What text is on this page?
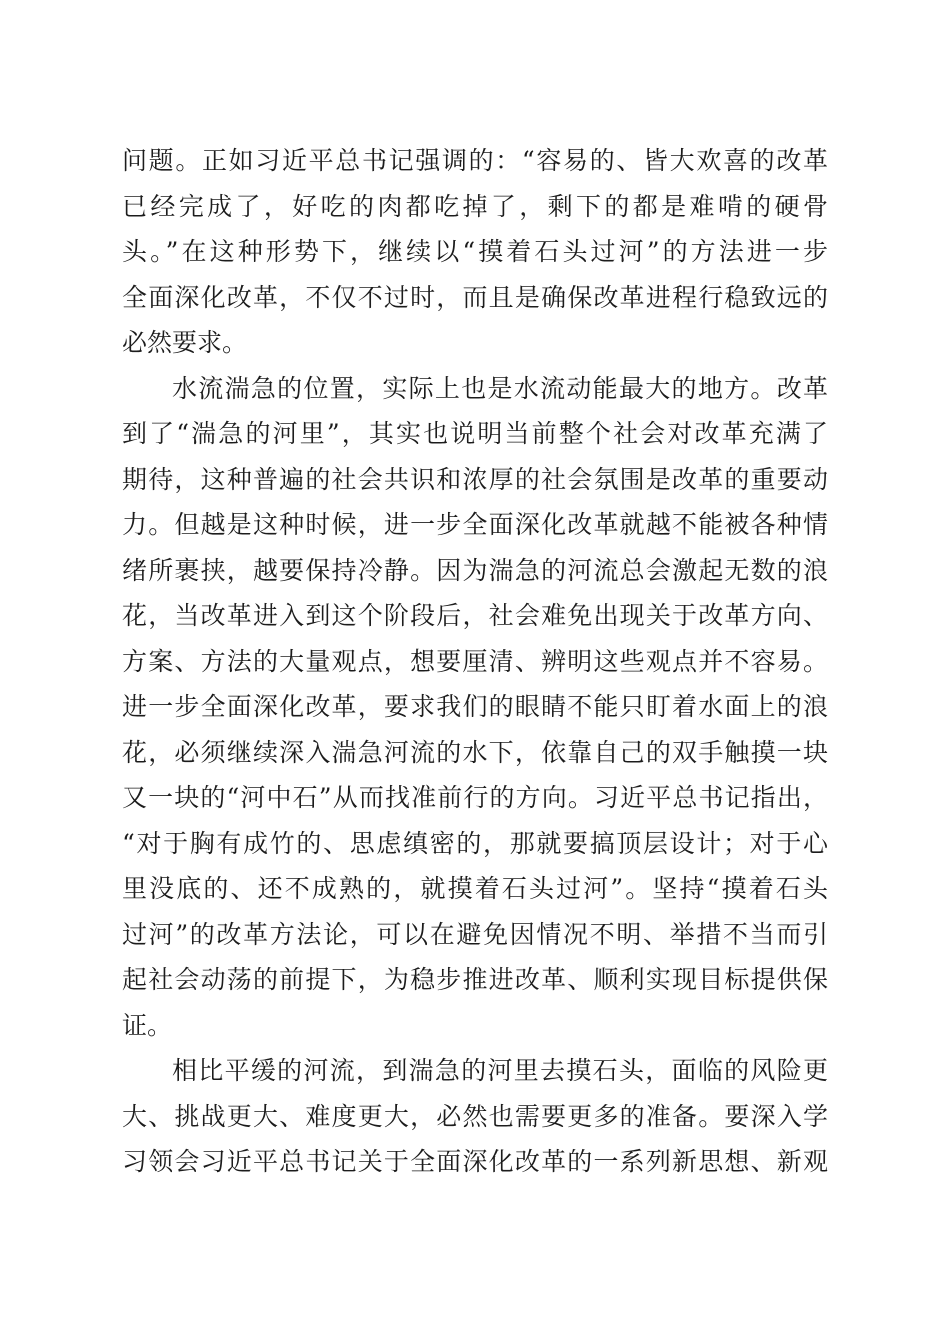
问题。正如习近平总书记强调的：“容易的、皆大欢喜的改革
已经完成了，好吃的肉都吃掉了，剩下的都是难啃的硬骨
头。”在这种形势下，继续以“摸着石头过河”的方法进一步
全面深化改革，不仅不过时，而且是确保改革进程行稳致远的
必然要求。
水流湍急的位置，实际上也是水流动能最大的地方。改革
到了“湍急的河里”，其实也说明当前整个社会对改革充满了
期待，这种普遍的社会共识和浓厚的社会氛围是改革的重要动
力。但越是这种时候，进一步全面深化改革就越不能被各种情
绪所裹挟，越要保持冷静。因为湍急的河流总会激起无数的浪
花，当改革进入到这个阶段后，社会难免出现关于改革方向、
方案、方法的大量观点，想要厘清、辨明这些观点并不容易。
进一步全面深化改革，要求我们的眼睛不能只盯着水面上的浪
花，必须继续深入湍急河流的水下，依靠自己的双手触摸一块
又一块的“河中石”从而找准前行的方向。习近平总书记指出，
“对于胸有成竹的、思虑缜密的，那就要搞顶层设计；对于心
里没底的、还不成熟的，就摸着石头过河”。坚持“摸着石头
过河”的改革方法论，可以在避免因情况不明、举措不当而引
起社会动荡的前提下，为稳步推进改革、顺利实现目标提供保
证。
相比平缓的河流，到湍急的河里去摸石头，面临的风险更
大、挑战更大、难度更大，必然也需要更多的准备。要深入学
习领会习近平总书记关于全面深化改革的一系列新思想、新观
